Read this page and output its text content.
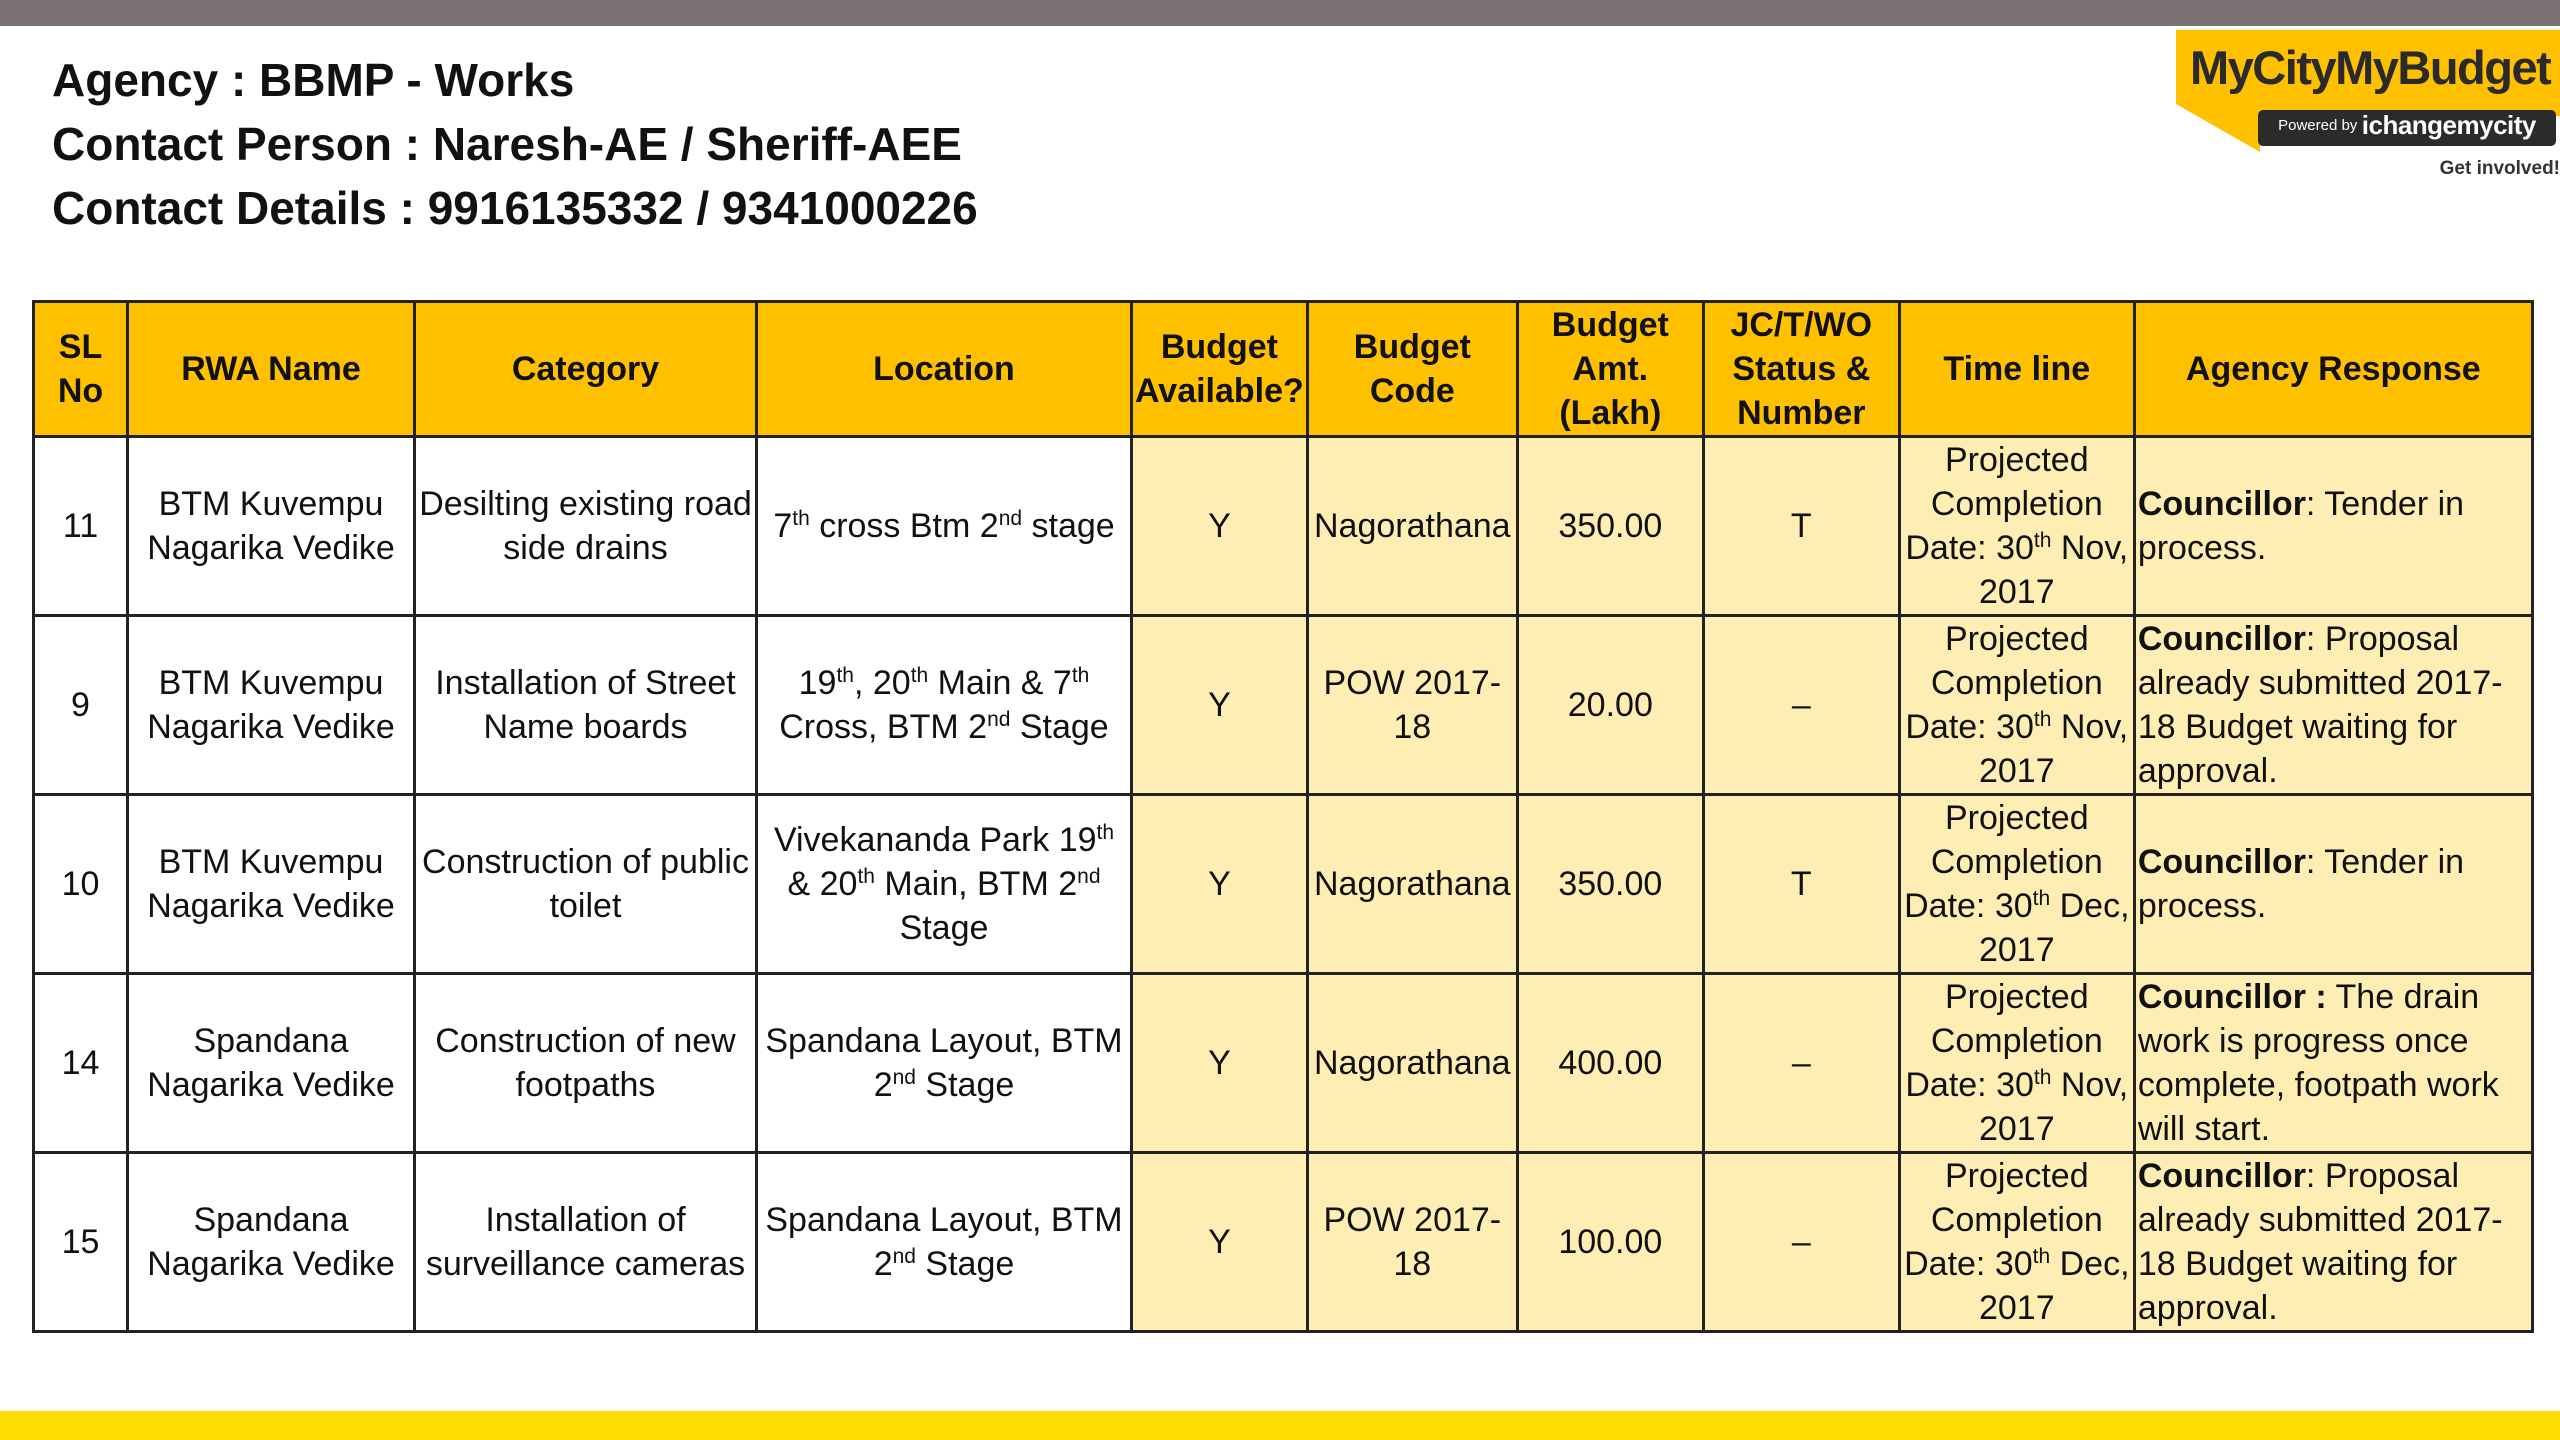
Agency : BBMP - Works
Contact Person : Naresh-AE / Sheriff-AEE
Contact Details : 9916135332 / 9341000226
MyCityMyBudget
Powered by ichangemycity
Get involved!
SL No	RWA Name	Category	Location	Budget Available?	Budget Code	Budget Amt. (Lakh)	JC/T/WO Status & Number	Time line	Agency Response
11	BTM Kuvempu Nagarika Vedike	Desilting existing road side drains	7th cross Btm 2nd stage	Y	Nagorathana	350.00	T	Projected Completion Date: 30th Nov, 2017	Councillor: Tender in process.
9	BTM Kuvempu Nagarika Vedike	Installation of Street Name boards	19th, 20th Main & 7th Cross, BTM 2nd Stage	Y	POW 2017-18	20.00	–	Projected Completion Date: 30th Nov, 2017	Councillor: Proposal already submitted 2017-18 Budget waiting for approval.
10	BTM Kuvempu Nagarika Vedike	Construction of public toilet	Vivekananda Park 19th & 20th Main, BTM 2nd Stage	Y	Nagorathana	350.00	T	Projected Completion Date: 30th Dec, 2017	Councillor: Tender in process.
14	Spandana Nagarika Vedike	Construction of new footpaths	Spandana Layout, BTM 2nd Stage	Y	Nagorathana	400.00	–	Projected Completion Date: 30th Nov, 2017	Councillor : The drain work is progress once complete, footpath work will start.
15	Spandana Nagarika Vedike	Installation of surveillance cameras	Spandana Layout, BTM 2nd Stage	Y	POW 2017-18	100.00	–	Projected Completion Date: 30th Dec, 2017	Councillor: Proposal already submitted 2017-18 Budget waiting for approval.
